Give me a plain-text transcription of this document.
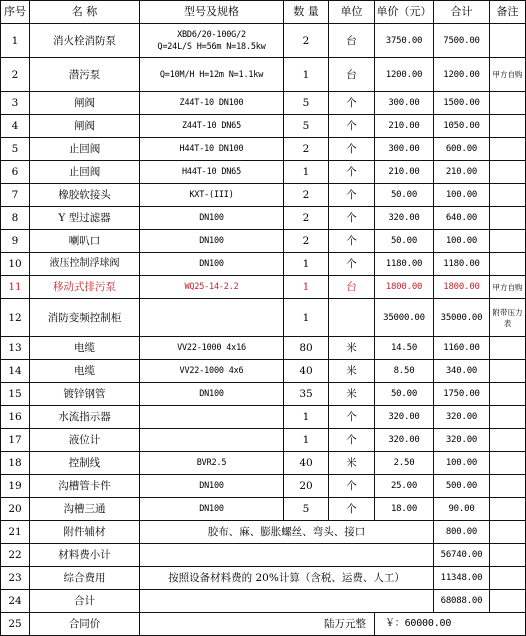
序号	名 称	型号及规格	数 量	单位	单价（元）	合计	备注
1	消火栓消防泵	XBD6/20-100G/2
Q=24L/S H=56m N=18.5kw	2	台	3750.00	7500.00	
2	潜污泵	Q=10M/H H=12m N=1.1kw	1	台	1200.00	1200.00	甲方自购
3	闸阀	Z44T-10 DN100	5	个	300.00	1500.00	
4	闸阀	Z44T-10 DN65	5	个	210.00	1050.00	
5	止回阀	H44T-10 DN100	2	个	300.00	600.00	
6	止回阀	H44T-10 DN65	1	个	210.00	210.00	
7	橡胶软接头	KXT-(III)	2	个	50.00	100.00	
8	Y 型过滤器	DN100	2	个	320.00	640.00	
9	喇叭口	DN100	2	个	50.00	100.00	
10	液压控制浮球阀	DN100	1	个	1180.00	1180.00	
11	移动式排污泵	WQ25-14-2.2	1	台	1800.00	1800.00	甲方自购
12	消防变频控制柜		1		35000.00	35000.00	附带压力表
13	电缆	VV22-1000 4x16	80	米	14.50	1160.00	
14	电缆	VV22-1000 4x6	40	米	8.50	340.00	
15	镀锌钢管	DN100	35	米	50.00	1750.00	
16	水流指示器		1	个	320.00	320.00	
17	液位计		1	个	320.00	320.00	
18	控制线	BVR2.5	40	米	2.50	100.00	
19	沟槽管卡件	DN100	20	个	25.00	500.00	
20	沟槽三通	DN100	5	个	18.00	90.00	
21	附件辅材	胶布、麻、膨胀螺丝、弯头、接口				800.00	
22	材料费小计					56740.00	
23	综合费用	按照设备材料费的 20%计算（含税、运费、人工）				11348.00	
24	合计					68088.00	
25	合同价	陆万元整			￥：60000.00		
